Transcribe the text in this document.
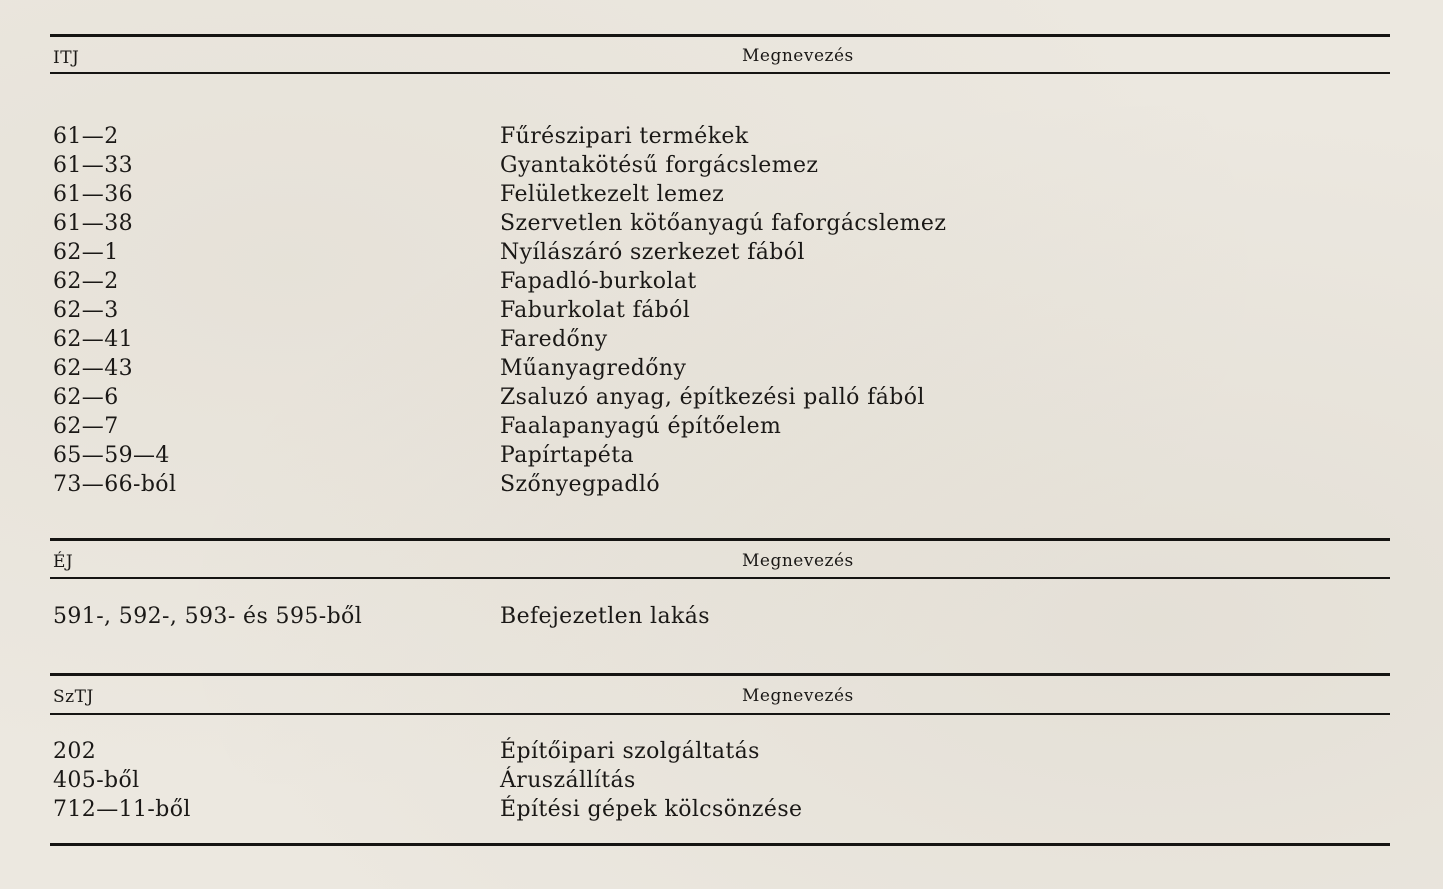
ITJ	Megnevezés
61—2	Fűrészipari termékek
61—33	Gyantakötésű forgácslemez
61—36	Felületkezelt lemez
61—38	Szervetlen kötőanyagú faforgácslemez
62—1	Nyílászáró szerkezet fából
62—2	Fapadló-burkolat
62—3	Faburkolat fából
62—41	Faredőny
62—43	Műanyagredőny
62—6	Zsaluzó anyag, építkezési palló fából
62—7	Faalapanyagú építőelem
65—59—4	Papírtapéta
73—66-ból	Szőnyegpadló
ÉJ	Megnevezés
591-, 592-, 593- és 595-ből	Befejezetlen lakás
SzTJ	Megnevezés
202	Építőipari szolgáltatás
405-ből	Áruszállítás
712—11-ből	Építési gépek kölcsönzése
